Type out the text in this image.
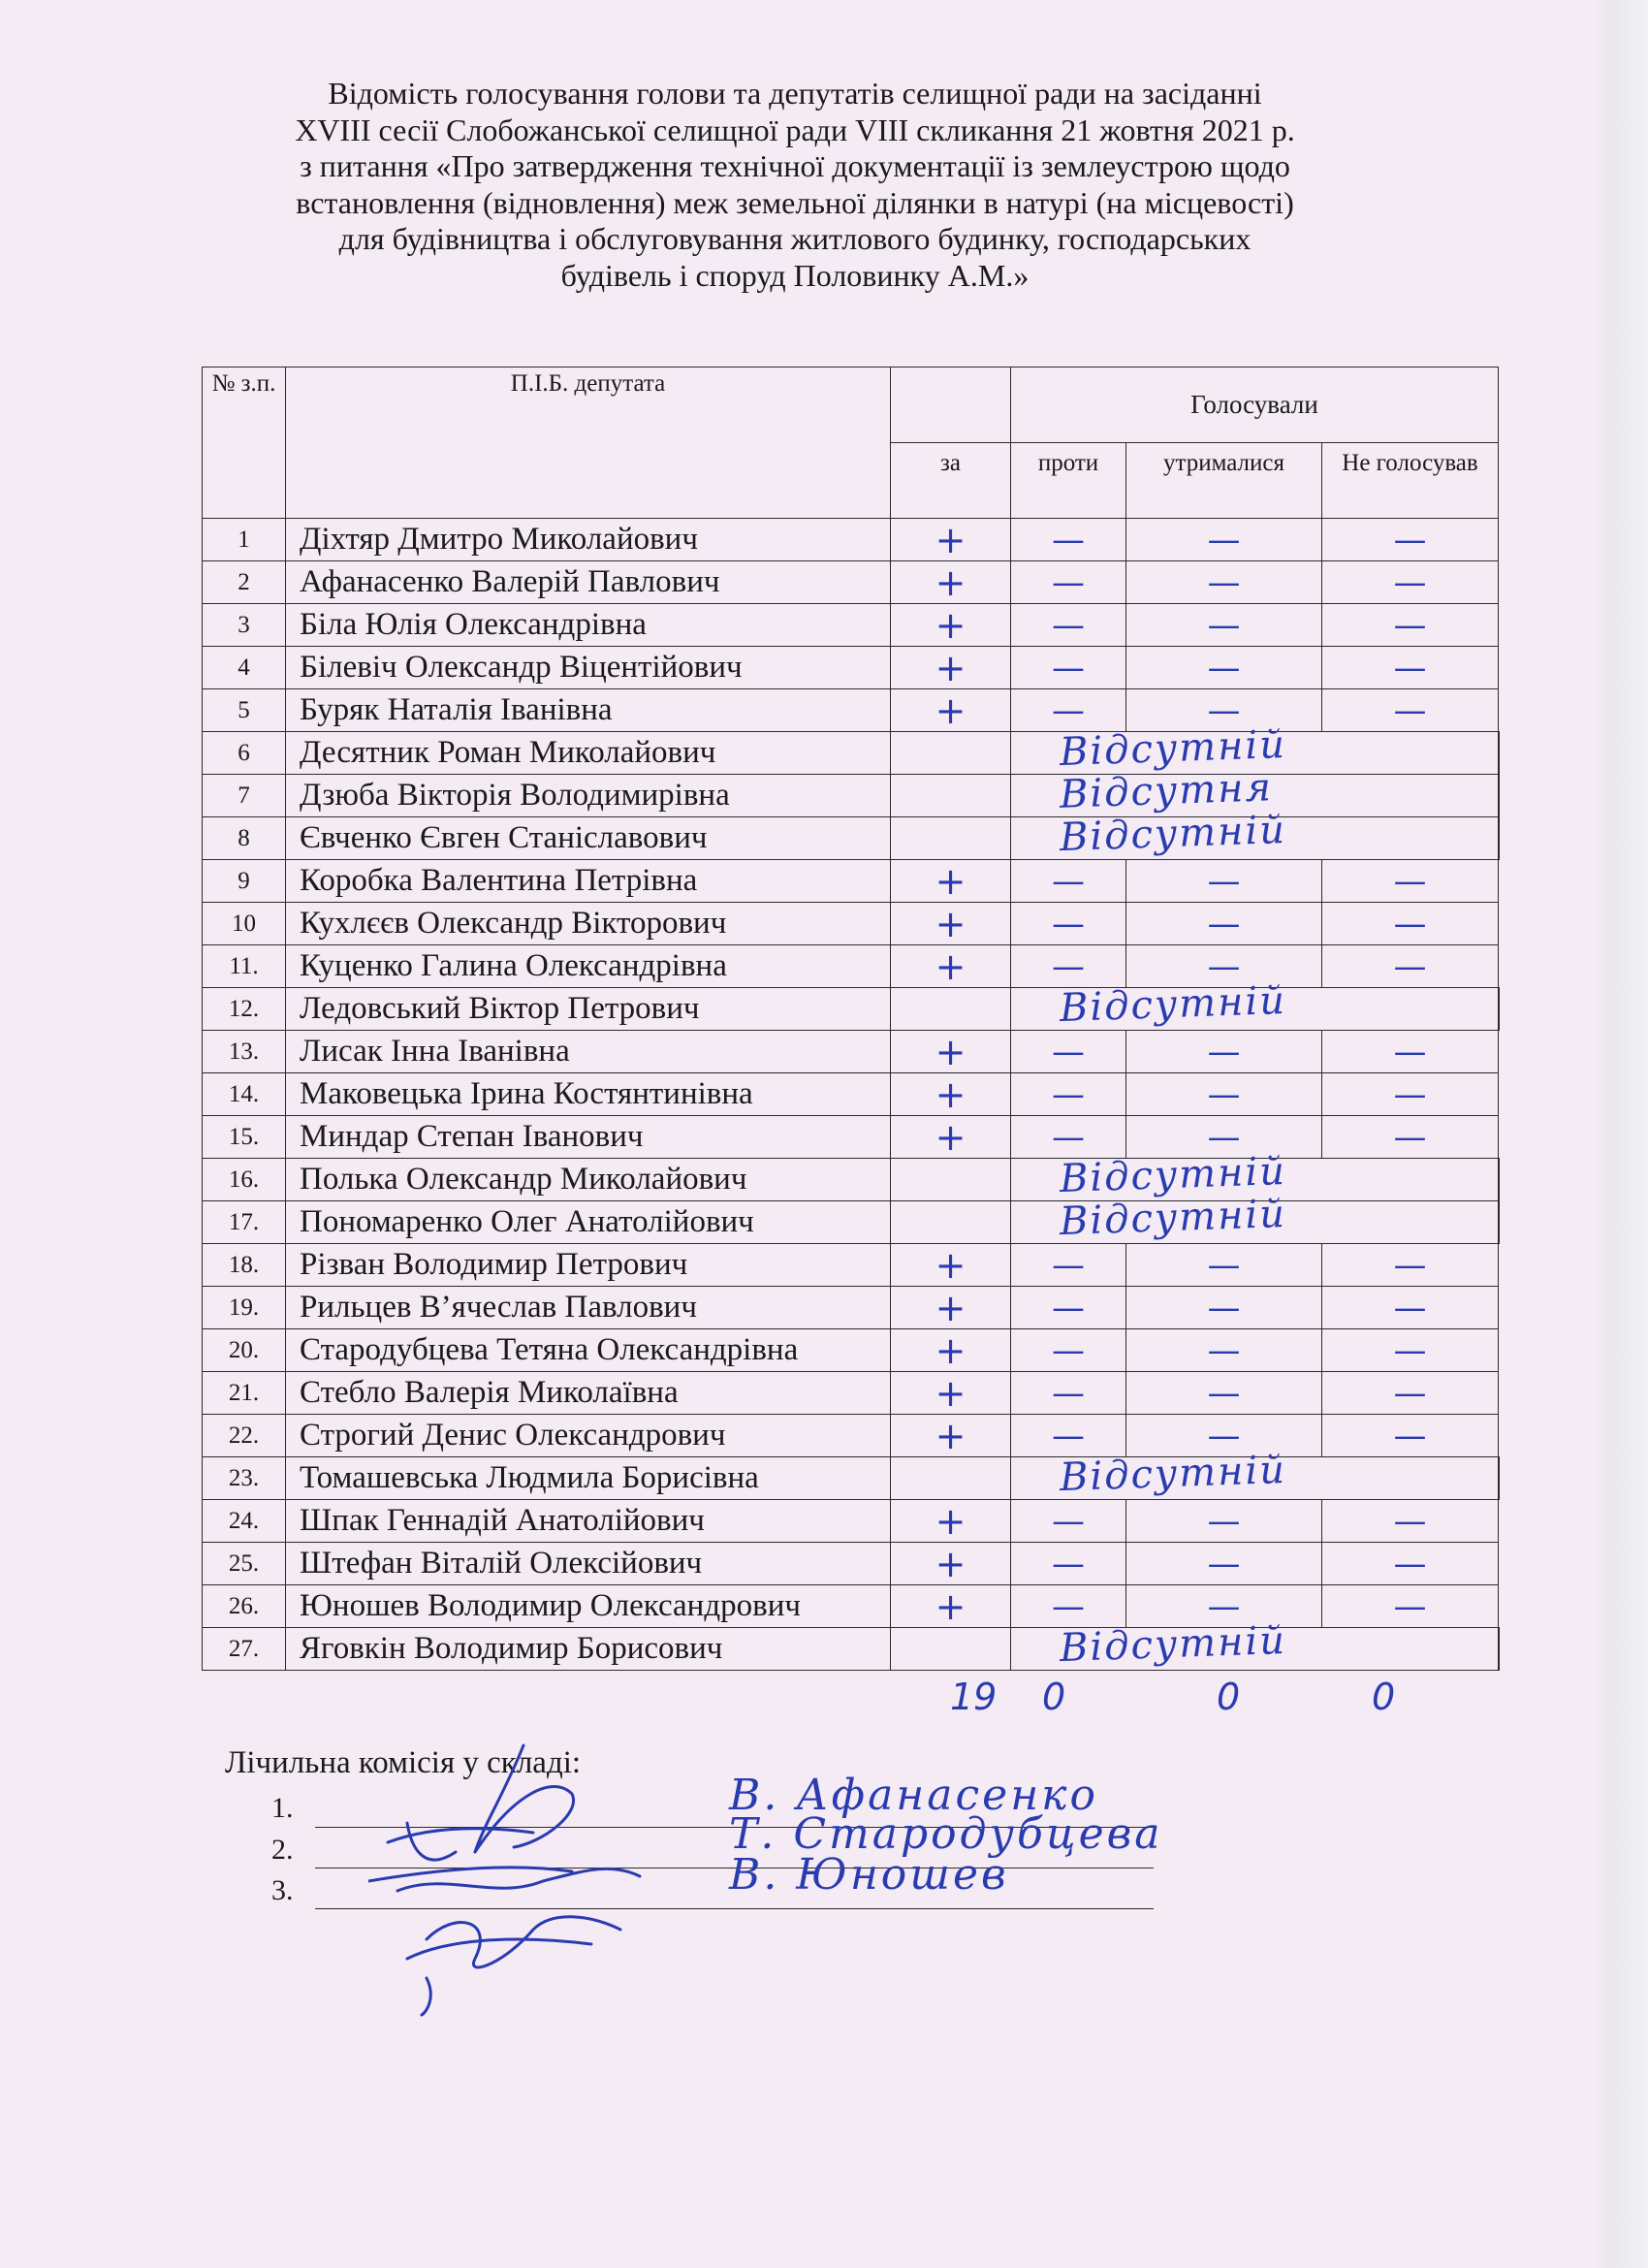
Відомість голосування голови та депутатів селищної ради на засіданні
XVIII сесії Слобожанської селищної ради VIII скликання 21 жовтня 2021 р.
з питання «Про затвердження технічної документації із землеустрою щодо
встановлення (відновлення) меж земельної ділянки в натурі (на місцевості)
для будівництва і обслуговування житлового будинку, господарських
будівель і споруд Половинку А.М.»
№ з.п.	П.І.Б. депутата		Голосували			
		за	проти	утрималися	Не голосував	
1	Діхтяр Дмитро Миколайович	+	—	—	—	
2	Афанасенко Валерій Павлович	+	—	—	—	
3	Біла Юлія Олександрівна	+	—	—	—	
4	Білевіч Олександр Віцентійович	+	—	—	—	
5	Буряк Наталія Іванівна	+	—	—	—	
6	Десятник Роман Миколайович		Відсутній			

7	Дзюба Вікторія Володимирівна		Відсутня			

8	Євченко Євген Станіславович		Відсутній			

9	Коробка Валентина Петрівна	+	—	—	—	
10	Кухлєєв Олександр Вікторович	+	—	—	—	
11.	Куценко Галина Олександрівна	+	—	—	—	
12.	Ледовський Віктор Петрович		Відсутній			

13.	Лисак Інна Іванівна	+	—	—	—	
14.	Маковецька Ірина Костянтинівна	+	—	—	—	
15.	Миндар Степан Іванович	+	—	—	—	
16.	Полька Олександр Миколайович		Відсутній			

17.	Пономаренко Олег Анатолійович		Відсутній			

18.	Різван Володимир Петрович	+	—	—	—	
19.	Рильцев В’ячеслав Павлович	+	—	—	—	
20.	Стародубцева Тетяна Олександрівна	+	—	—	—	
21.	Стебло Валерія Миколаївна	+	—	—	—	
22.	Строгий Денис Олександрович	+	—	—	—	
23.	Томашевська Людмила Борисівна		Відсутній			

24.	Шпак Геннадій Анатолійович	+	—	—	—	
25.	Штефан Віталій Олексійович	+	—	—	—	
26.	Юношев Володимир Олександрович	+	—	—	—	
27.	Яговкін Володимир Борисович		Відсутній			

19 0	0	0
Лічильна комісія у складі:
1.	В. Афанасенко
2.	Т. Стародубцева
3.	В. Юношев
